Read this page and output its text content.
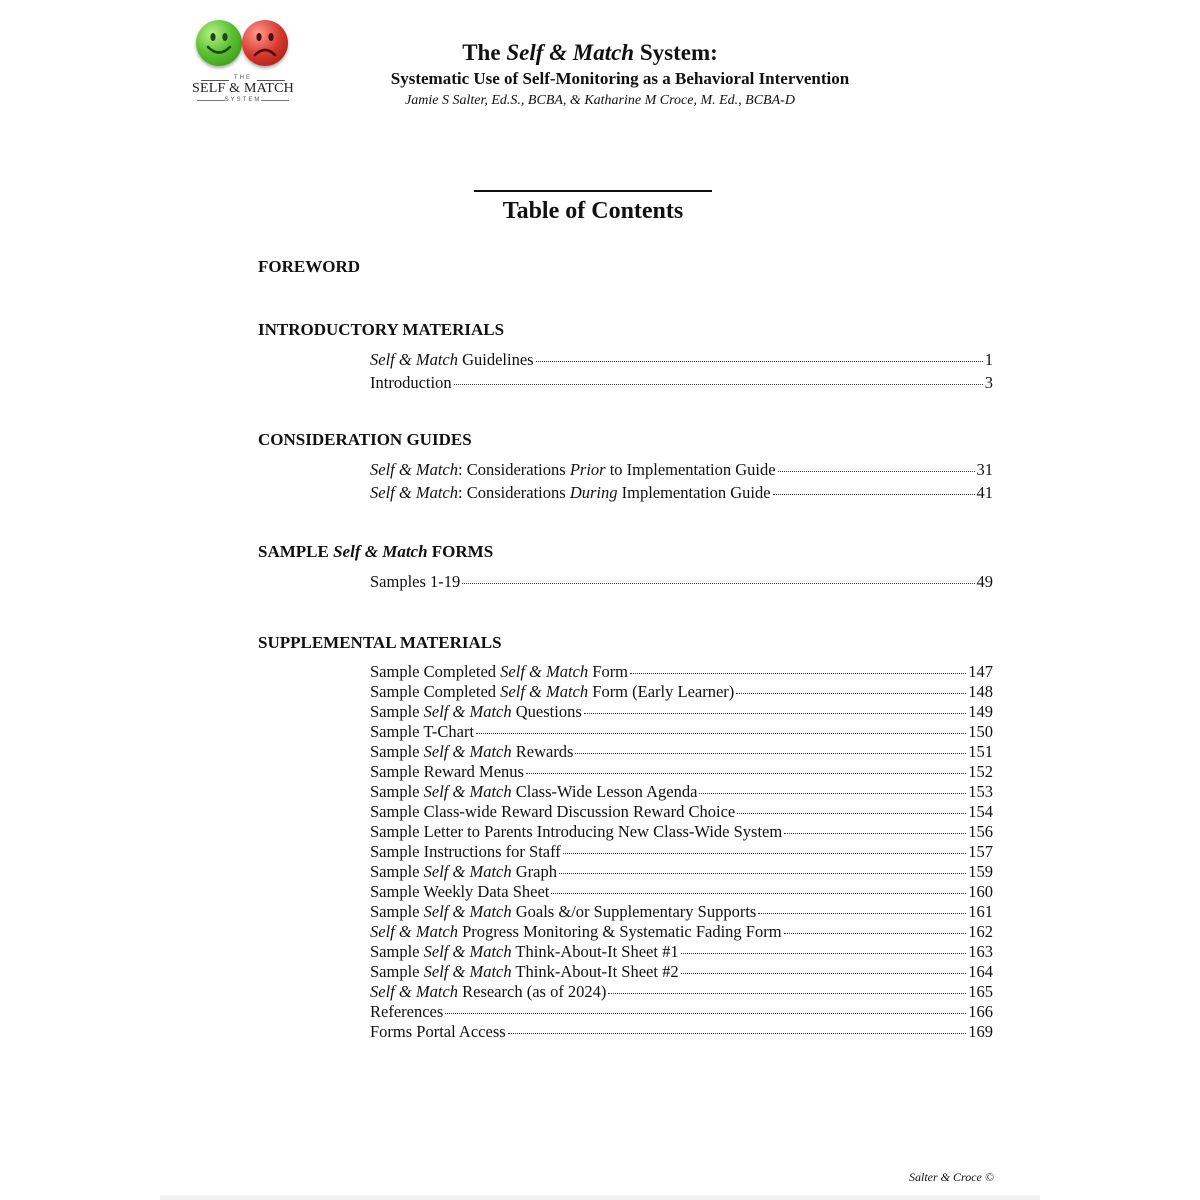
THE
SELF & MATCH
SYSTEM
The Self & Match System:
Systematic Use of Self-Monitoring as a Behavioral Intervention
Jamie S Salter, Ed.S., BCBA, & Katharine M Croce, M. Ed., BCBA-D
Table of Contents
FOREWORD
INTRODUCTORY MATERIALS
Self & Match Guidelines	1
Introduction	3
CONSIDERATION GUIDES
Self & Match: Considerations Prior to Implementation Guide	31
Self & Match: Considerations During Implementation Guide	41
SAMPLE Self & Match FORMS
Samples 1-19	49
SUPPLEMENTAL MATERIALS
Sample Completed Self & Match Form	147
Sample Completed Self & Match Form (Early Learner)	148
Sample Self & Match Questions	149
Sample T-Chart	150
Sample Self & Match Rewards	151
Sample Reward Menus	152
Sample Self & Match Class-Wide Lesson Agenda	153
Sample Class-wide Reward Discussion Reward Choice	154
Sample Letter to Parents Introducing New Class-Wide System	156
Sample Instructions for Staff	157
Sample Self & Match Graph	159
Sample Weekly Data Sheet	160
Sample Self & Match Goals &/or Supplementary Supports	161
Self & Match Progress Monitoring & Systematic Fading Form	162
Sample Self & Match Think-About-It Sheet #1	163
Sample Self & Match Think-About-It Sheet #2	164
Self & Match Research (as of 2024)	165
References	166
Forms Portal Access	169
Salter & Croce ©
